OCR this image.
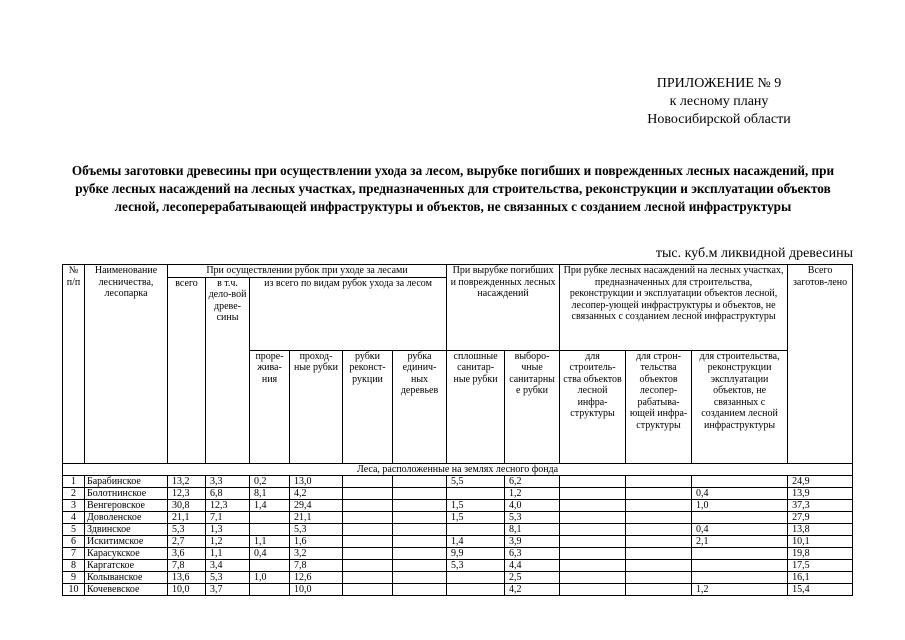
ПРИЛОЖЕНИЕ № 9
к лесному плану
Новосибирской области
Объемы заготовки древесины при осуществлении ухода за лесом, вырубке погибших и поврежденных лесных насаждений, при рубке лесных насаждений на лесных участках, предназначенных для строительства, реконструкции и эксплуатации объектов лесной, лесоперерабатывающей инфраструктуры и объектов, не связанных с созданием лесной инфраструктуры
тыс. куб.м ликвидной древесины
№ п/п	Наименование лесничества, лесопарка	При осуществлении рубок при уходе за лесами						При вырубке погибших и поврежденных лесных насаждений		При рубке лесных насаждений на лесных участках, предназначенных для строительства, реконструкции и эксплуатации объектов лесной, лесопер-ующей инфраструктуры и объектов, не связанных с созданием лесной инфраструктуры			Всего заготов-лено
		всего	в т.ч. дело-вой древе-сины	из всего по видам рубок ухода за лесом									
				прорe-жива-ния	проход-ные рубки	рубки реконст-рукции	рубка единич-ных деревьев	сплошные санитар-ные рубки	выборо-чные санитарны е рубки	для строитель-ства объектов лесной инфра-структуры	для строн-тельства объектов лесопер-рабатыва-ющей инфра-структуры	для строительства, реконструкции эксплуатации объектов, не связанных с созданием лесной инфраструктуры	
Леса, расположенные на землях лесного фонда													
1	Барабинское	13,2	3,3	0,2	13,0			5,5	6,2				24,9
2	Болотнинское	12,3	6,8	8,1	4,2				1,2			0,4	13,9
3	Венгеровское	30,8	12,3	1,4	29,4			1,5	4,0			1,0	37,3
4	Доволенское	21,1	7,1		21,1			1,5	5,3				27,9
5	Здвинское	5,3	1,3		5,3				8,1			0,4	13,8
6	Искитимское	2,7	1,2	1,1	1,6			1,4	3,9			2,1	10,1
7	Карасукское	3,6	1,1	0,4	3,2			9,9	6,3				19,8
8	Каргатское	7,8	3,4		7,8			5,3	4,4				17,5
9	Колыванское	13,6	5,3	1,0	12,6				2,5				16,1
10	Кочевевское	10,0	3,7		10,0				4,2			1,2	15,4
